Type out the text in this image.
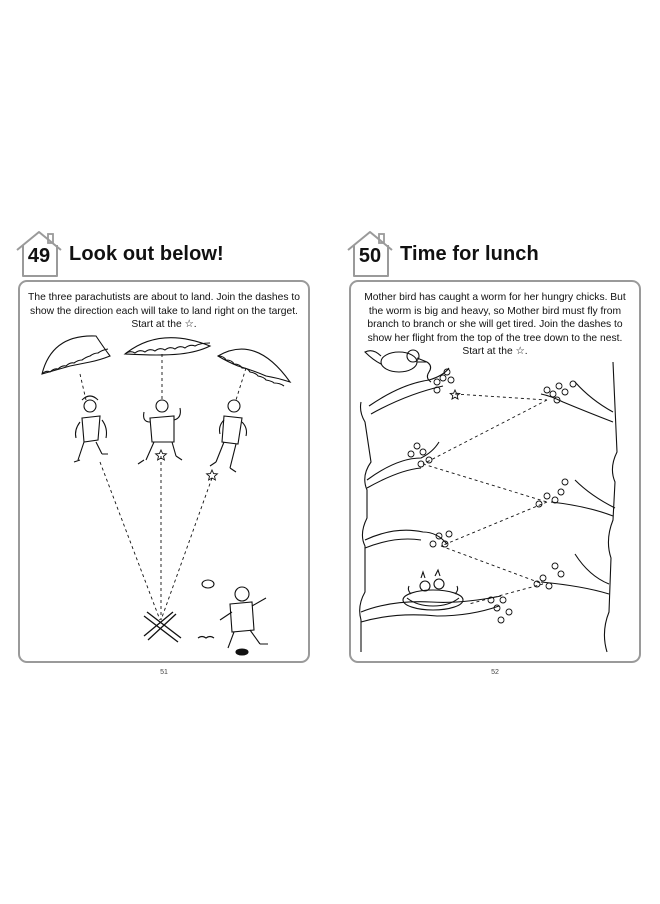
49 Look out below!
The three parachutists are about to land. Join the dashes to show the direction each will take to land right on the target. Start at the ☆.
51
50 Time for lunch
Mother bird has caught a worm for her hungry chicks. But the worm is big and heavy, so Mother bird must fly from branch to branch or she will get tired. Join the dashes to show her flight from the top of the tree down to the nest. Start at the ☆.
52
